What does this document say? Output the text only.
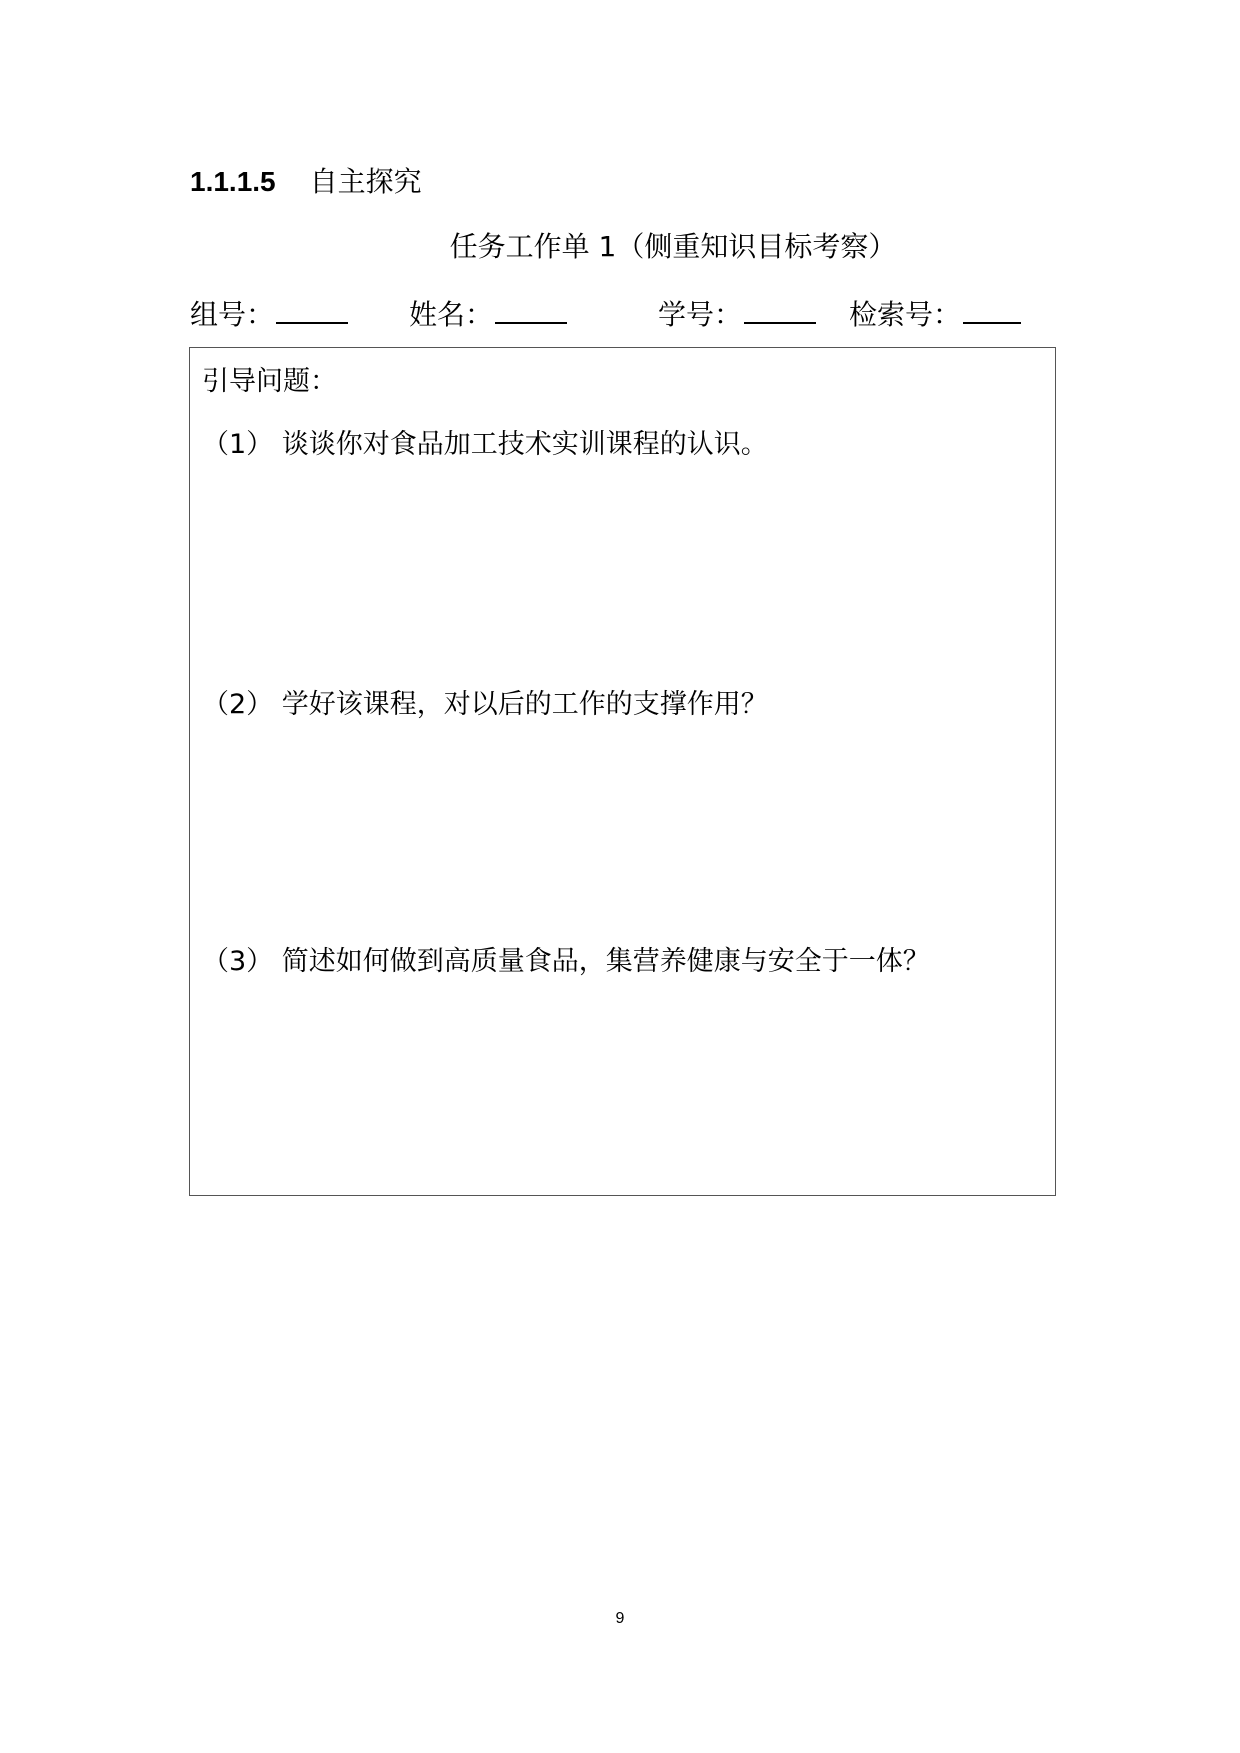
1.1.1.5 自主探究
任务工作单 1（侧重知识目标考察）
组号：	姓名：	学号：	检索号：
引导问题：
（1） 谈谈你对食品加工技术实训课程的认识。
（2） 学好该课程，对以后的工作的支撑作用？
（3） 简述如何做到高质量食品，集营养健康与安全于一体？
9
